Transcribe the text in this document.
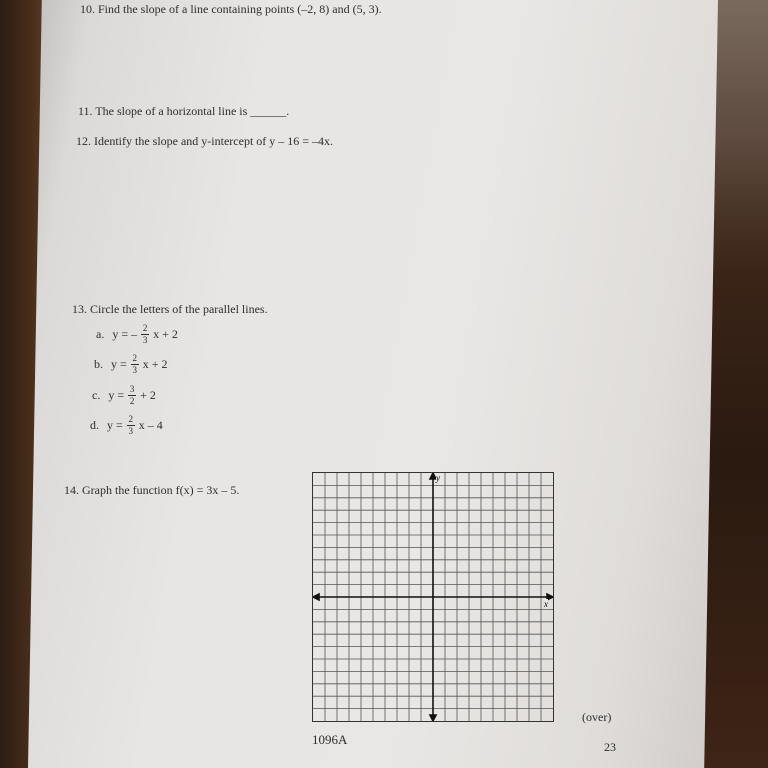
10. Find the slope of a line containing points (–2, 8) and (5, 3).
11. The slope of a horizontal line is ______.
12. Identify the slope and y-intercept of y – 16 = –4x.
13. Circle the letters of the parallel lines.
a. y = – $\frac{2}{3}$ x + 2
b. $y = \frac{2}{3}$ x + 2
c. $y = \frac{3}{2} + 2$
d. $y = \frac{2}{3}$ x – 4
14. Graph the function f(x) = 3x – 5.
y
x
(over)
1096A	23
